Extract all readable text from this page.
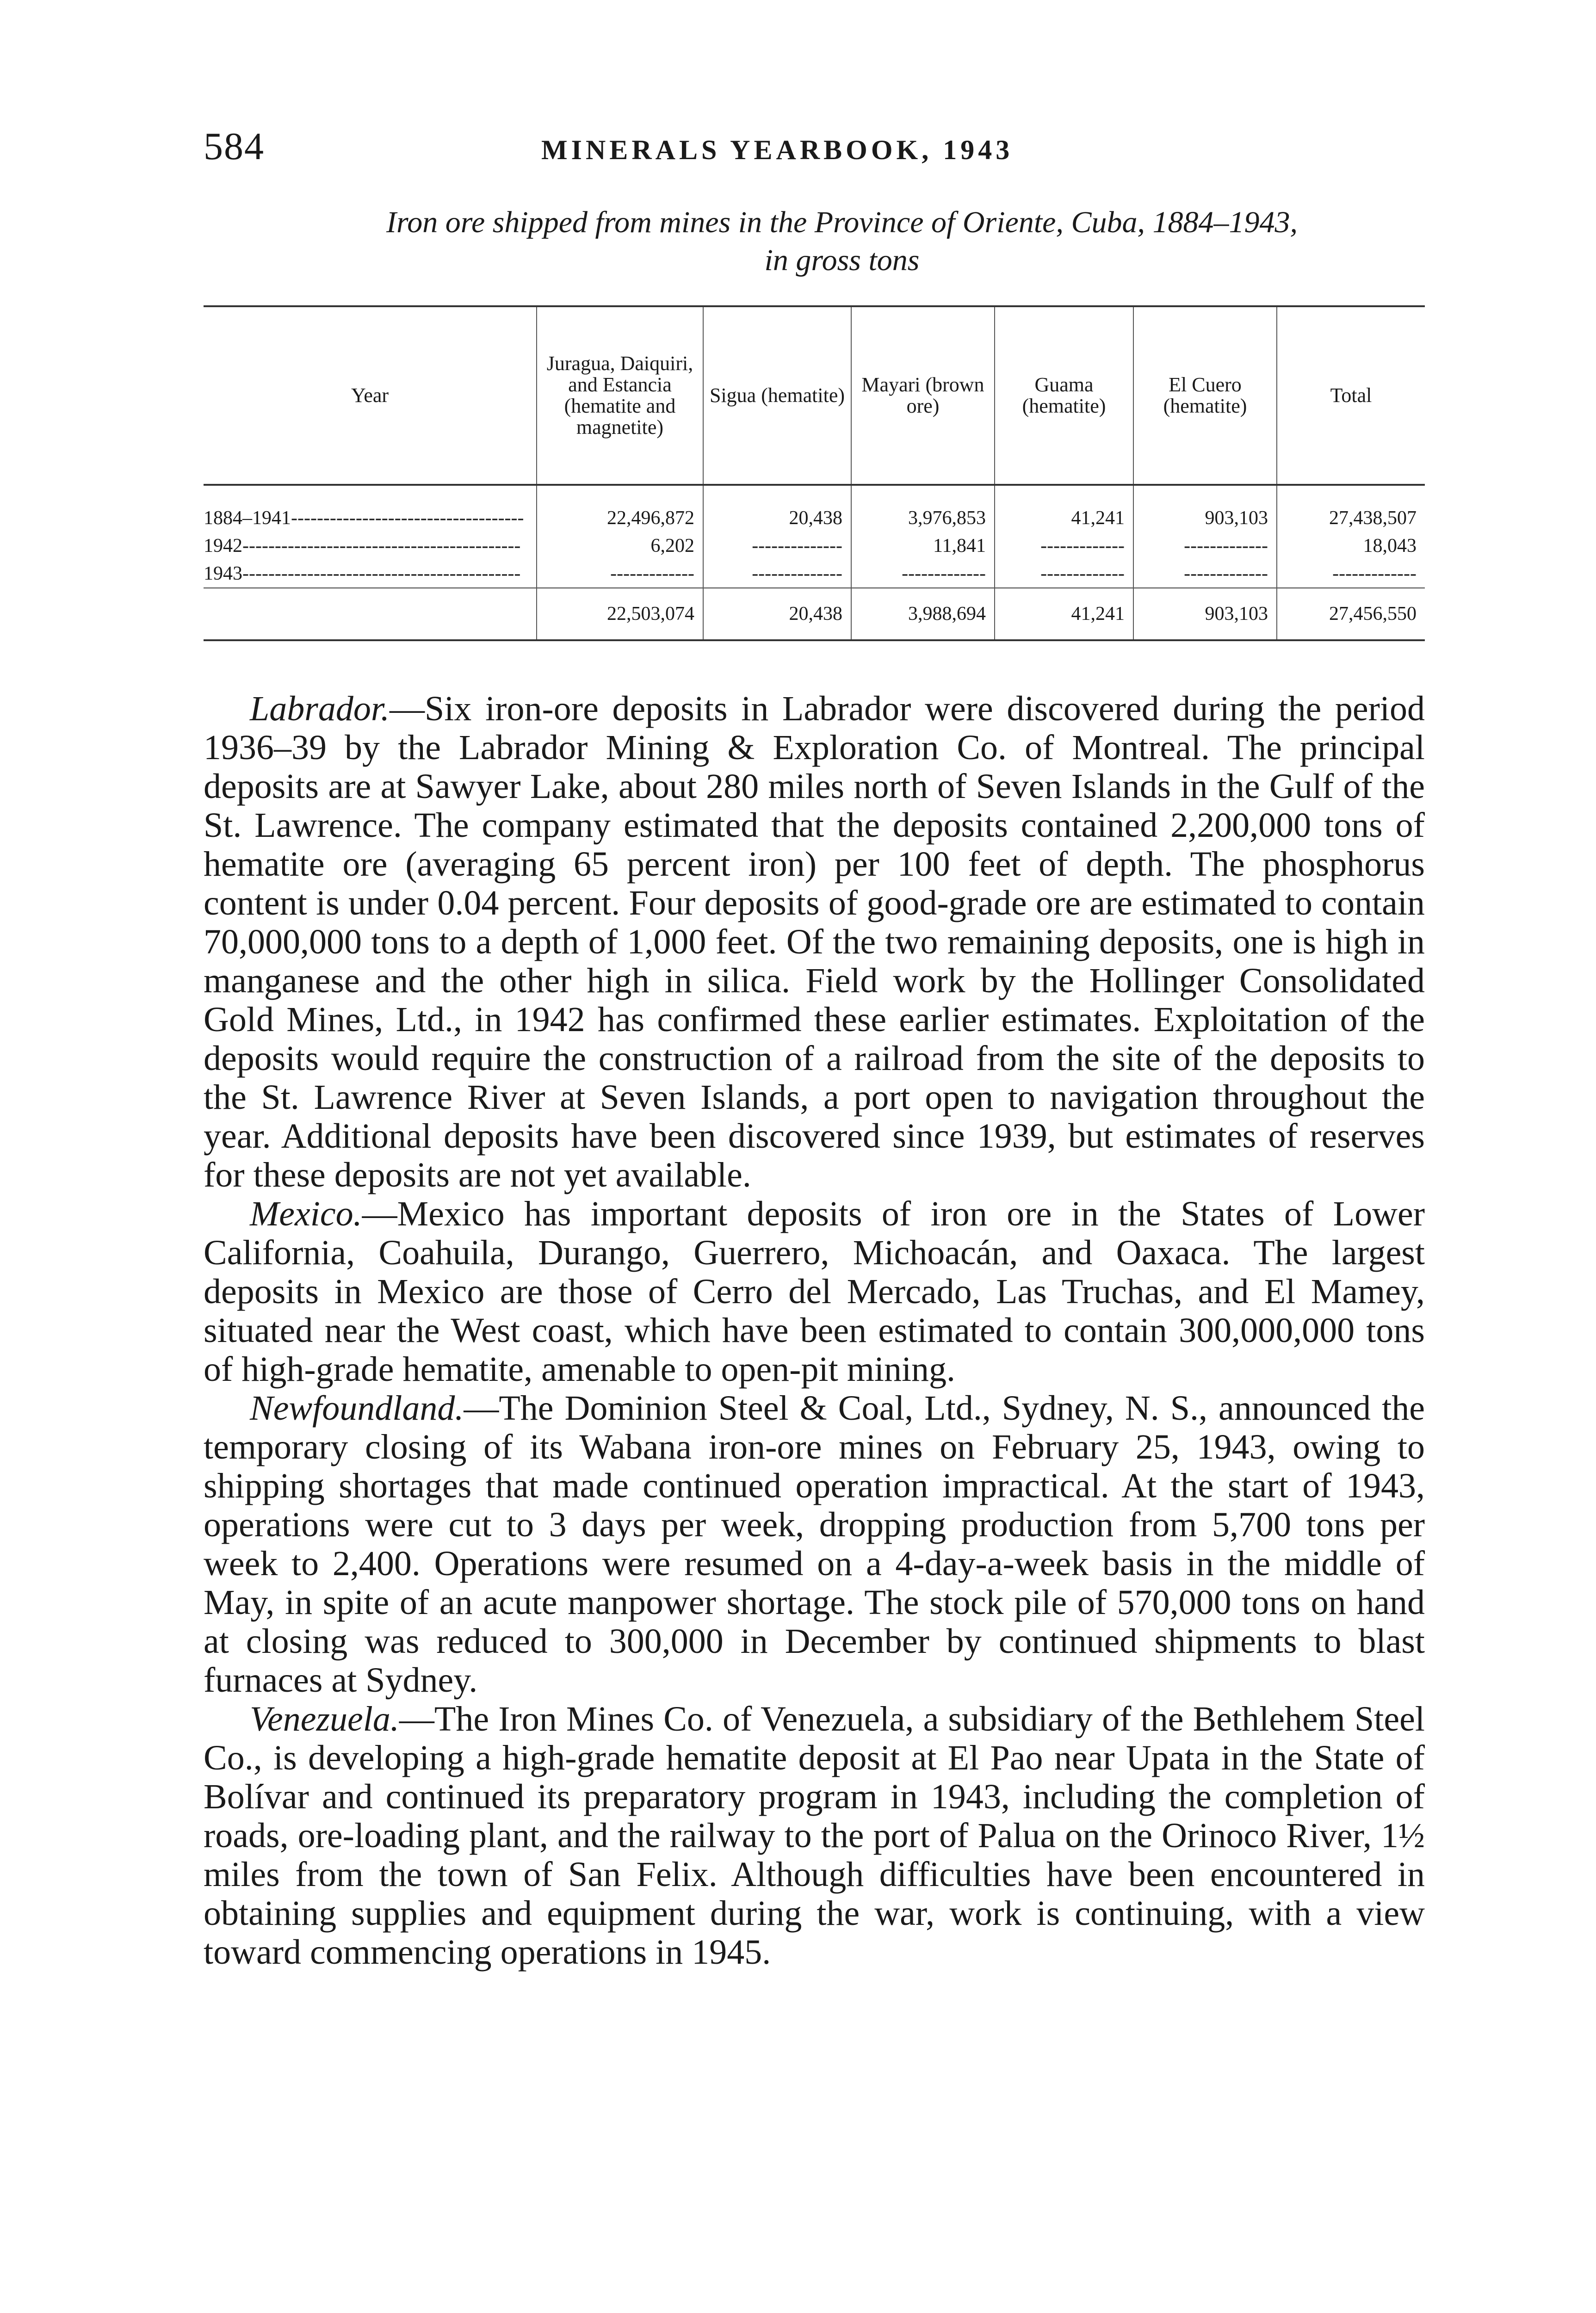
584	MINERALS YEARBOOK, 1943
Iron ore shipped from mines in the Province of Oriente, Cuba, 1884–1943,
in gross tons
Year	Juragua, Daiquiri, and Estancia (hematite and magnetite)	Sigua (hematite)	Mayari (brown ore)	Guama (hematite)	El Cuero (hematite)	Total

1884–1941------------------------------------	22,496,872	20,438	3,976,853	41,241	903,103	27,438,507
1942-------------------------------------------	6,202	--------------	11,841	-------------	-------------	18,043
1943-------------------------------------------	-------------	--------------	-------------	-------------	-------------	-------------
	22,503,074	20,438	3,988,694	41,241	903,103	27,456,550

Labrador.—Six iron-ore deposits in Labrador were discovered during the period 1936–39 by the Labrador Mining & Exploration Co. of Montreal. The principal deposits are at Sawyer Lake, about 280 miles north of Seven Islands in the Gulf of the St. Lawrence. The company estimated that the deposits contained 2,200,000 tons of hematite ore (averaging 65 percent iron) per 100 feet of depth. The phosphorus content is under 0.04 percent. Four deposits of good-grade ore are estimated to contain 70,000,000 tons to a depth of 1,000 feet. Of the two remaining deposits, one is high in manganese and the other high in silica. Field work by the Hollinger Consolidated Gold Mines, Ltd., in 1942 has confirmed these earlier estimates. Exploitation of the deposits would require the construction of a railroad from the site of the deposits to the St. Lawrence River at Seven Islands, a port open to navigation throughout the year. Additional deposits have been discovered since 1939, but estimates of reserves for these deposits are not yet available.

Mexico.—Mexico has important deposits of iron ore in the States of Lower California, Coahuila, Durango, Guerrero, Michoacán, and Oaxaca. The largest deposits in Mexico are those of Cerro del Mercado, Las Truchas, and El Mamey, situated near the West coast, which have been estimated to contain 300,000,000 tons of high-grade hematite, amenable to open-pit mining.

Newfoundland.—The Dominion Steel & Coal, Ltd., Sydney, N. S., announced the temporary closing of its Wabana iron-ore mines on February 25, 1943, owing to shipping shortages that made continued operation impractical. At the start of 1943, operations were cut to 3 days per week, dropping production from 5,700 tons per week to 2,400. Operations were resumed on a 4-day-a-week basis in the middle of May, in spite of an acute manpower shortage. The stock pile of 570,000 tons on hand at closing was reduced to 300,000 in December by continued shipments to blast furnaces at Sydney.

Venezuela.—The Iron Mines Co. of Venezuela, a subsidiary of the Bethlehem Steel Co., is developing a high-grade hematite deposit at El Pao near Upata in the State of Bolívar and continued its preparatory program in 1943, including the completion of roads, ore-loading plant, and the railway to the port of Palua on the Orinoco River, 1½ miles from the town of San Felix. Although difficulties have been encountered in obtaining supplies and equipment during the war, work is continuing, with a view toward commencing operations in 1945.
